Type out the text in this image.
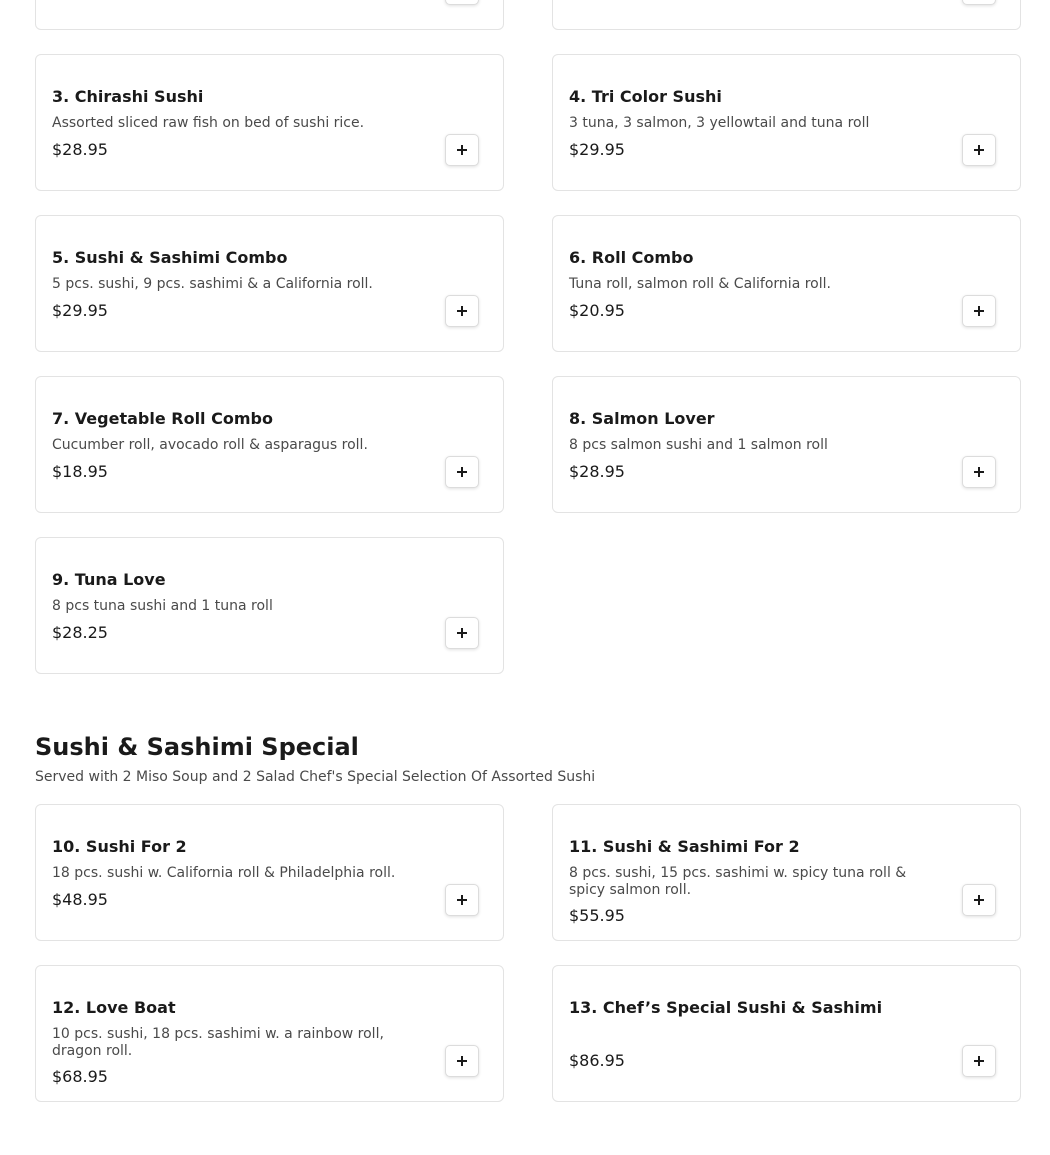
3. Chirashi Sushi
Assorted sliced raw fish on bed of sushi rice.
$28.95
4. Tri Color Sushi
3 tuna, 3 salmon, 3 yellowtail and tuna roll
$29.95
5. Sushi & Sashimi Combo
5 pcs. sushi, 9 pcs. sashimi & a California roll.
$29.95
6. Roll Combo
Tuna roll, salmon roll & California roll.
$20.95
7. Vegetable Roll Combo
Cucumber roll, avocado roll & asparagus roll.
$18.95
8. Salmon Lover
8 pcs salmon sushi and 1 salmon roll
$28.95
9. Tuna Love
8 pcs tuna sushi and 1 tuna roll
$28.25
Sushi & Sashimi Special
Served with 2 Miso Soup and 2 Salad Chef's Special Selection Of Assorted Sushi
10. Sushi For 2
18 pcs. sushi w. California roll & Philadelphia roll.
$48.95
11. Sushi & Sashimi For 2
8 pcs. sushi, 15 pcs. sashimi w. spicy tuna roll & spicy salmon roll.
$55.95
12. Love Boat
10 pcs. sushi, 18 pcs. sashimi w. a rainbow roll, dragon roll.
$68.95
13. Chef’s Special Sushi & Sashimi
$86.95
